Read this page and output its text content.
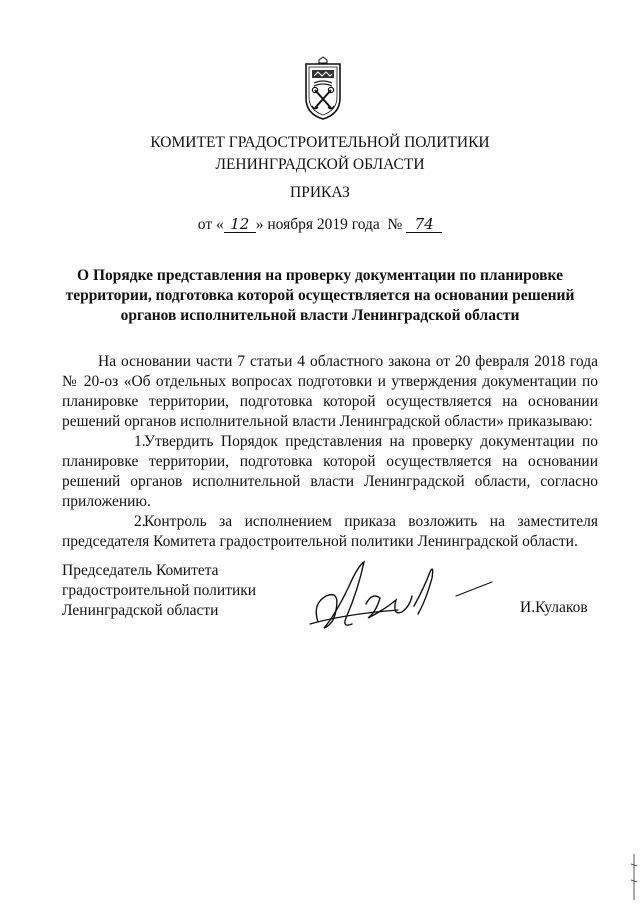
КОМИТЕТ ГРАДОСТРОИТЕЛЬНОЙ ПОЛИТИКИ
ЛЕНИНГРАДСКОЙ ОБЛАСТИ
ПРИКАЗ
от « 12 » ноября 2019 года № 74
О Порядке представления на проверку документации по планировке
территории, подготовка которой осуществляется на основании решений
органов исполнительной власти Ленинградской области

На основании части 7 статьи 4 областного закона от 20 февраля 2018 года № 20-оз «Об отдельных вопросах подготовки и утверждения документации по планировке территории, подготовка которой осуществляется на основании решений органов исполнительной власти Ленинградской области» приказываю:

1.Утвердить Порядок представления на проверку документации по планировке территории, подготовка которой осуществляется на основании решений органов исполнительной власти Ленинградской области, согласно приложению.

2.Контроль за исполнением приказа возложить на заместителя председателя Комитета градостроительной политики Ленинградской области.

Председатель Комитета
градостроительной политики
Ленинградской области	И.Кулаков
